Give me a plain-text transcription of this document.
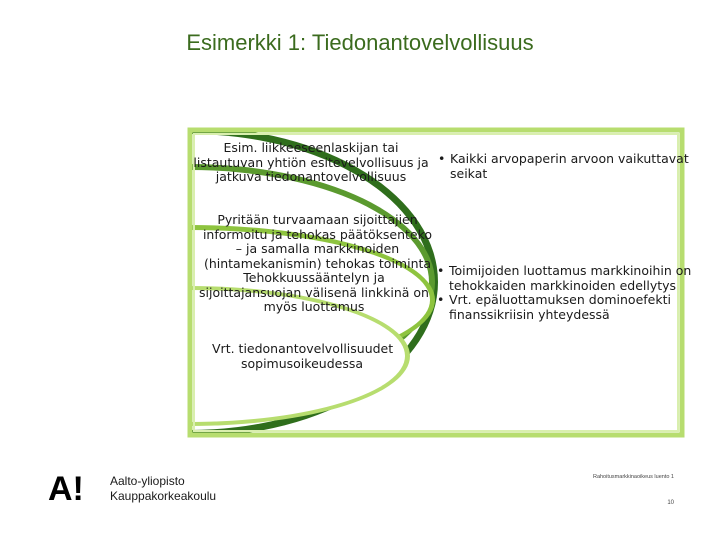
Esimerkki 1: Tiedonantovelvollisuus
Esim. liikkeeseenlaskijan tai
listautuvan yhtiön esitevelvollisuus ja
jatkuva tiedonantovelvollisuus
• Kaikki arvopaperin arvoon vaikuttavat
seikat
Pyritään turvaamaan sijoittajien
informoitu ja tehokas päätöksenteko
– ja samalla markkinoiden
(hintamekanismin) tehokas toiminta
Tehokkuussääntelyn ja
sijoittajansuojan välisenä linkkinä on
myös luottamus
• Toimijoiden luottamus markkinoihin on
tehokkaiden markkinoiden edellytys
• Vrt. epäluottamuksen dominoefekti
finanssikriisin yhteydessä
Vrt. tiedonantovelvollisuudet
sopimusoikeudessa
A! Aalto-yliopisto
Kauppakorkeakoulu
Rahoitusmarkkinaoikeus luento 1
10
